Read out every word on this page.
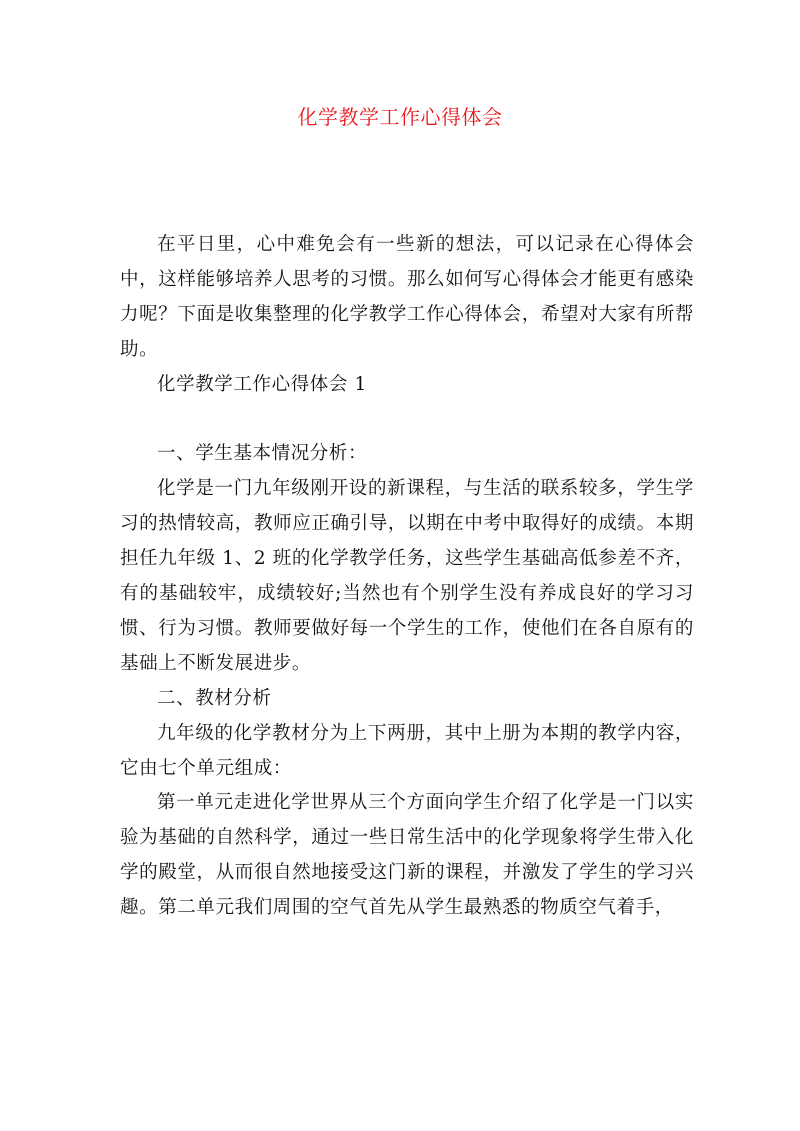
化学教学工作心得体会

在平日里，心中难免会有一些新的想法，可以记录在心得体会中，这样能够培养人思考的习惯。那么如何写心得体会才能更有感染力呢？下面是收集整理的化学教学工作心得体会，希望对大家有所帮助。

化学教学工作心得体会 1

一、学生基本情况分析：

化学是一门九年级刚开设的新课程，与生活的联系较多，学生学习的热情较高，教师应正确引导，以期在中考中取得好的成绩。本期担任九年级 1、2 班的化学教学任务，这些学生基础高低参差不齐，有的基础较牢，成绩较好;当然也有个别学生没有养成良好的学习习惯、行为习惯。教师要做好每一个学生的工作，使他们在各自原有的基础上不断发展进步。

二、教材分析

九年级的化学教材分为上下两册，其中上册为本期的教学内容，它由七个单元组成：

第一单元走进化学世界从三个方面向学生介绍了化学是一门以实验为基础的自然科学，通过一些日常生活中的化学现象将学生带入化学的殿堂，从而很自然地接受这门新的课程，并激发了学生的学习兴趣。第二单元我们周围的空气首先从学生最熟悉的物质空气着手，
